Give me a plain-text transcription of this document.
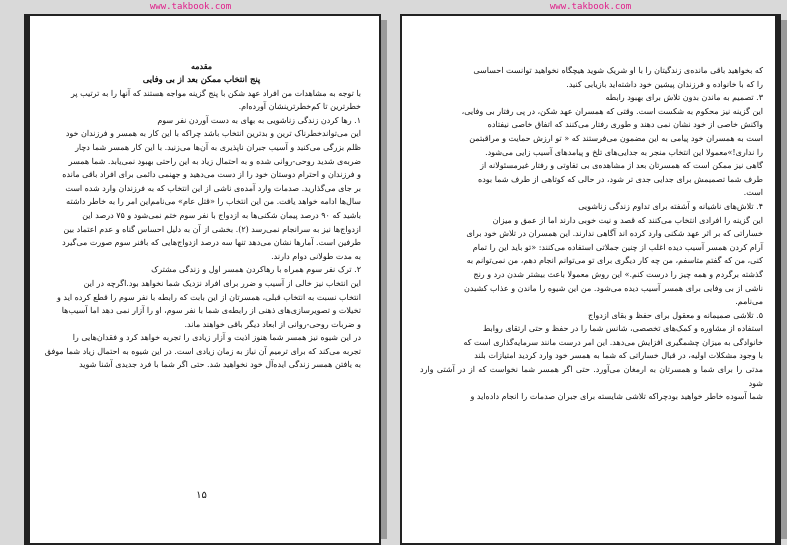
www.takbook.com

مقدمه

پنج انتخاب ممکن بعد از بی وفایی

با توجه به مشاهدات من افراد عهد شکن با پنج گزینه مواجه هستند که آنها را به ترتیب پر

خطرترین تا کم‌خطرترینشان آورده‌ام.

۱. رها کردن زندگی زناشویی به بهای به دست آوردن نفر سوم

این می‌تواندخطرناک ترین و بدترین انتخاب باشد چراکه با این کار به همسر و فرزندان خود

ظلم بزرگی می‌کنید و آسیب جبران ناپذیری به آن‌ها می‌زنید. با این کار همسر شما دچار

ضربه‌ی شدید روحی-روانی شده و به احتمال زیاد به این راحتی بهبود نمی‌یابد. شما همسر

و فرزندان و احترام دوستان خود را از دست می‌دهید و جهنمی دائمی برای افراد باقی مانده

بر جای می‌گذارید. صدمات وارد آمده‌ی ناشی از این انتخاب که به فرزندان وارد شده است

سال‌ها ادامه خواهد یافت. من این انتخاب را «قتل عام» می‌نامم‌این امر را به خاطر داشته

باشید که ۹۰ درصد پیمان شکنی‌ها به ازدواج با نفر سوم ختم نمی‌شود و ۷۵ درصد این

ازدواج‌ها نیز به سرانجام نمی‌رسد (۲). بخشی از آن به دلیل احساس گناه و عدم اعتماد بین

طرفین است. آمارها نشان می‌دهد تنها سه درصد ازدواج‌هایی که بافنر سوم صورت می‌گیرد

به مدت طولانی دوام دارند.

۲. ترک نفر سوم همراه با رهاکردن همسر اول و زندگی مشترک

این انتخاب نیز خالی از آسیب و ضرر برای افراد نزدیک شما نخواهد بود.اگرچه در این

انتخاب نسبت به انتخاب قبلی، همسرتان از این بابت که رابطه با نفر سوم را قطع کرده اید و

تخیلات و تصویرسازی‌های ذهنی از رابطه‌ی شما با نفر سوم، او را آزار نمی دهد اما آسیب‌ها

و ضربات روحی-روانی از ابعاد دیگر باقی خواهند ماند.

در این شیوه نیز همسر شما هنوز اذیت و آزار زیادی را تجربه خواهد کرد و فقدان‌هایی را

تجربه می‌کند که برای ترمیم آن نیاز به زمان زیادی است. در این شیوه به احتمال زیاد شما موفق

به یافتن همسر زندگی ایده‌آل خود نخواهید شد. حتی اگر شما با فرد جدیدی آشنا شوید

۱۵
www.takbook.com

که بخواهید باقی مانده‌ی زندگیتان را با او شریک شوید هیچگاه نخواهید توانست احساسی

را که با خانواده و فرزندان پیشین خود داشته‌اید بازیابی کنید.

۳. تصمیم به ماندن بدون تلاش برای بهبود رابطه

این گزینه نیز محکوم به شکست است. وقتی که همسران عهد شکن، در پی رفتار بی وفایی،

واکنش خاصی از خود نشان نمی دهند و طوری رفتار می‌کنند که اتفاق خاصی نیفتاده

است به همسران خود پیامی به این مضمون می‌فرستند که « تو ارزش حمایت و مراقبتمن

را نداری!»معمولا این انتخاب منجر به جدایی‌های تلخ و پیامدهای آسیب زایی می‌شود.

گاهی نیز ممکن است که همسرتان بعد از مشاهده‌ی بی تفاوتی و رفتار غیرمسئولانه از

طرف شما تصمیمش برای جدایی جدی تر شود، در حالی که کوتاهی از طرف شما بوده

است.

۴. تلاش‌های ناشیانه و آشفته برای تداوم زندگی زناشویی

این گزینه را افرادی انتخاب می‌کنند که قصد و نیت خوبی دارند اما از عمق و میزان

خساراتی که بر اثر عهد شکنی وارد کرده اند آگاهی ندارند. این همسران در تلاش خود برای

آرام کردن همسر آسیب دیده اغلب از چنین جملاتی استفاده می‌کنند: «تو باید این را تمام

کنی، من که گفتم متاسفم، من چه کار دیگری برای تو می‌توانم انجام دهم، من نمی‌توانم به

گذشته برگردم و همه چیز را درست کنم.» این روش معمولا باعث بیشتر شدن درد و رنج

ناشی از بی وفایی برای همسر آسیب دیده می‌شود. من این شیوه را ماندن و عذاب کشیدن

می‌نامم.

۵. تلاشی صمیمانه و معقول برای حفظ و بقای ازدواج

استفاده از مشاوره و کمک‌های تخصصی، شانس شما را در حفظ و حتی ارتقای روابط

خانوادگی به میزان چشمگیری افزایش می‌دهد. این امر درست مانند سرمایه‌گذاری است که

با وجود مشکلات اولیه، در قبال خساراتی که شما به همسر خود وارد کردید امتیازات بلند

مدتی را برای شما و همسرتان به ارمغان می‌آورد. حتی اگر همسر شما نخواست که از در آشتی وارد شود

شما آسوده خاطر خواهید بودچراکه تلاشی شایسته برای جبران صدمات را انجام داده‌اید و
